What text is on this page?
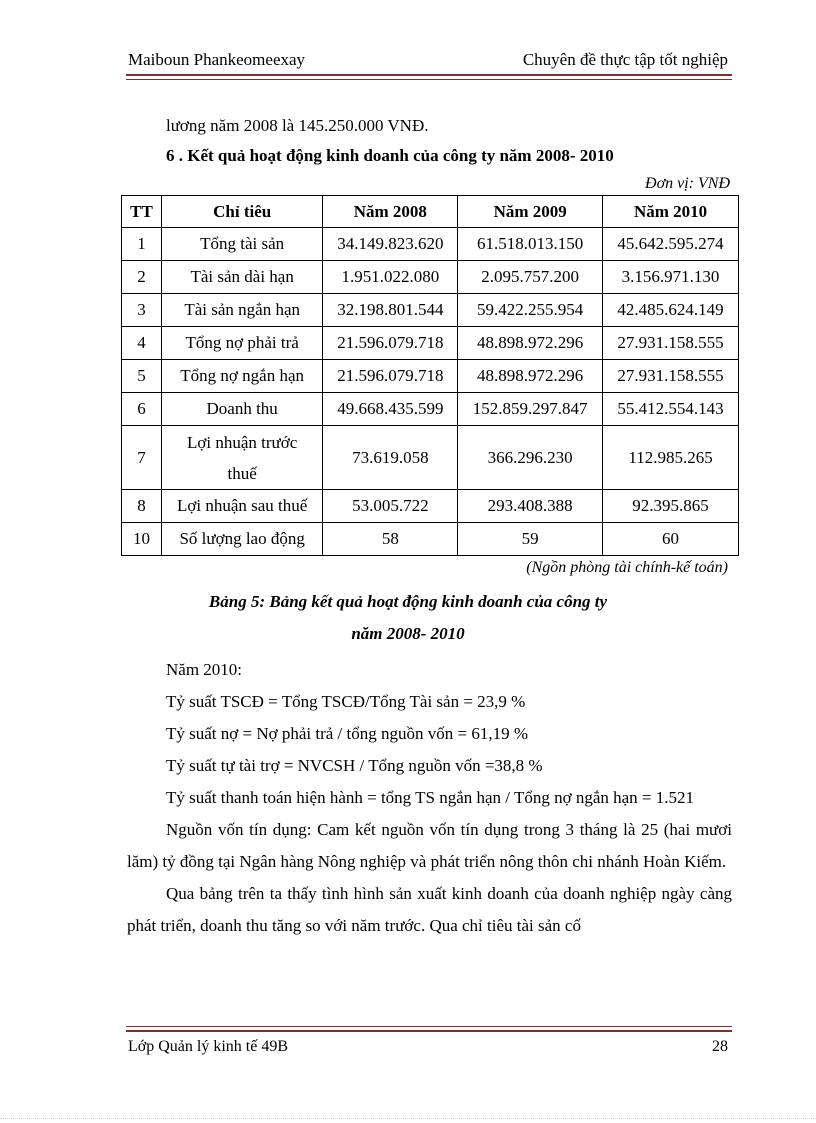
Maiboun Phankeomeexay	Chuyên đề thực tập tốt nghiệp
lương năm 2008 là 145.250.000 VNĐ.
6 . Kết quả hoạt động kinh doanh của công ty năm 2008- 2010
Đơn vị: VNĐ
TT	Chỉ tiêu	Năm 2008	Năm 2009	Năm 2010
1	Tổng tài sản	34.149.823.620	61.518.013.150	45.642.595.274
2	Tài sản dài hạn	1.951.022.080	2.095.757.200	3.156.971.130
3	Tài sản ngắn hạn	32.198.801.544	59.422.255.954	42.485.624.149
4	Tổng nợ phải trả	21.596.079.718	48.898.972.296	27.931.158.555
5	Tổng nợ ngắn hạn	21.596.079.718	48.898.972.296	27.931.158.555
6	Doanh thu	49.668.435.599	152.859.297.847	55.412.554.143
7	Lợi nhuận trước thuế	73.619.058	366.296.230	112.985.265
8	Lợi nhuận sau thuế	53.005.722	293.408.388	92.395.865
10	Số lượng lao động	58	59	60
(Ngồn phòng tài chính-kế toán)
Bảng 5: Bảng kết quả hoạt động kinh doanh của công ty
năm 2008- 2010

Năm 2010:

Tỷ suất TSCĐ = Tổng TSCĐ/Tổng Tài sản = 23,9 %

Tỷ suất nợ = Nợ phải trả / tổng nguồn vốn = 61,19 %

Tỷ suất tự tài trợ = NVCSH / Tổng nguồn vốn =38,8 %

Tỷ suất thanh toán hiện hành = tổng TS ngắn hạn / Tổng nợ ngắn hạn = 1.521

Nguồn vốn tín dụng: Cam kết nguồn vốn tín dụng trong 3 tháng là 25 (hai mươi lăm) tỷ đồng tại Ngân hàng Nông nghiệp và phát triển nông thôn chi nhánh Hoàn Kiếm.

Qua bảng trên ta thấy tình hình sản xuất kinh doanh của doanh nghiệp ngày càng phát triển, doanh thu tăng so với năm trước. Qua chỉ tiêu tài sản cố

Lớp Quản lý kinh tế 49B	28
